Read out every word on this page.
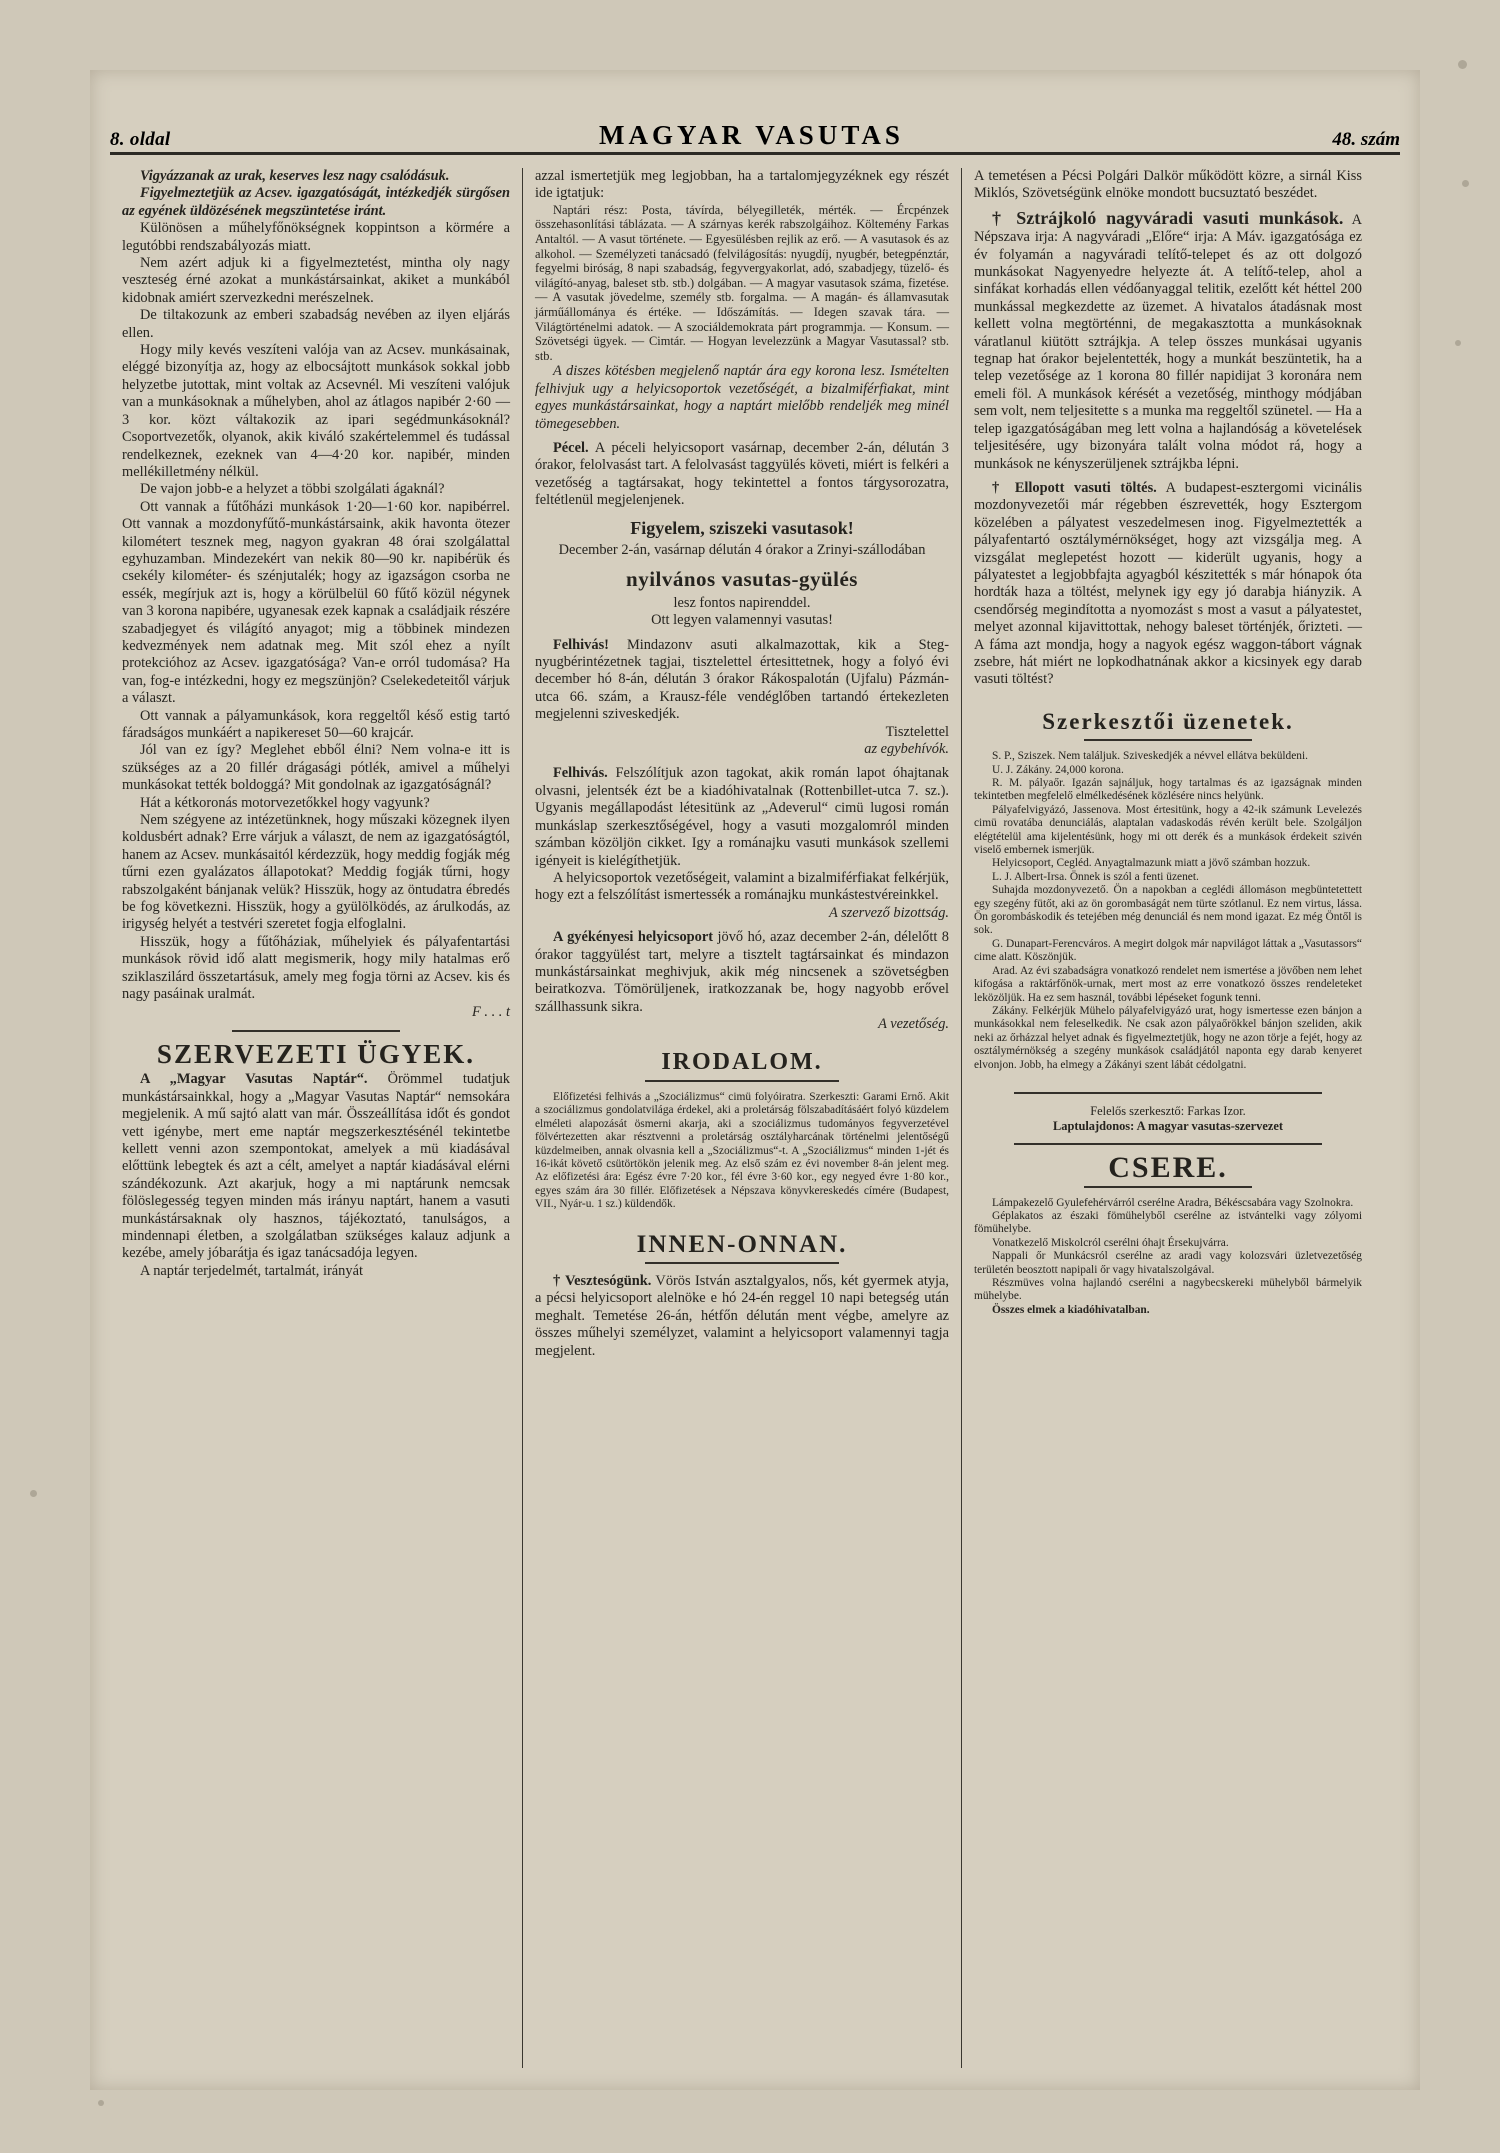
8. oldal	MAGYAR VASUTAS	48. szám

Vigyázzanak az urak, keserves lesz nagy csalódásuk.

Figyelmeztetjük az Acsev. igazgatóságát, intézkedjék sürgősen az egyének üldözésének megszüntetése iránt.

Különösen a műhelyfőnökségnek koppintson a körmére a legutóbbi rendszabályozás miatt.

Nem azért adjuk ki a figyelmeztetést, mintha oly nagy veszteség érné azokat a munkástársainkat, akiket a munkából kidobnak amiért szervezkedni merészelnek.

De tiltakozunk az emberi szabadság nevében az ilyen eljárás ellen.

Hogy mily kevés veszíteni valója van az Acsev. munkásainak, eléggé bizonyítja az, hogy az elbocsájtott munkások sokkal jobb helyzetbe jutottak, mint voltak az Acsevnél. Mi veszíteni valójuk van a munkásoknak a műhelyben, ahol az átlagos napibér 2·60 — 3 kor. közt váltakozik az ipari segédmunkásoknál? Csoportvezetők, olyanok, akik kiváló szakértelemmel és tudással rendelkeznek, ezeknek van 4—4·20 kor. napibér, minden mellékilletmény nélkül.

De vajon jobb-e a helyzet a többi szolgálati ágaknál?

Ott vannak a fűtőházi munkások 1·20—1·60 kor. napibérrel. Ott vannak a mozdonyfűtő-munkástársaink, akik havonta ötezer kilométert tesznek meg, nagyon gyakran 48 órai szolgálattal egyhuzamban. Mindezekért van nekik 80—90 kr. napibérük és csekély kilométer- és szénjutalék; hogy az igazságon csorba ne essék, megírjuk azt is, hogy a körülbelül 60 fűtő közül négynek van 3 korona napibére, ugyanesak ezek kapnak a családjaik részére szabadjegyet és világító anyagot; mig a többinek mindezen kedvezmények nem adatnak meg. Mit szól ehez a nyílt protekcióhoz az Acsev. igazgatósága? Van-e orról tudomása? Ha van, fog-e intézkedni, hogy ez megszünjön? Cselekedeteitől várjuk a választ.

Ott vannak a pályamunkások, kora reggeltől késő estig tartó fáradságos munkáért a napikereset 50—60 krajcár.

Jól van ez így? Meglehet ebből élni? Nem volna-e itt is szükséges az a 20 fillér drágasági pótlék, amivel a műhelyi munkásokat tették boldoggá? Mit gondolnak az igazgatóságnál?

Hát a kétkoronás motorvezetőkkel hogy vagyunk?

Nem szégyene az intézetünknek, hogy műszaki közegnek ilyen koldusbért adnak? Erre várjuk a választ, de nem az igazgatóságtól, hanem az Acsev. munkásaitól kérdezzük, hogy meddig fogják még tűrni ezen gyalázatos állapotokat? Meddig fogják tűrni, hogy rabszolgaként bánjanak velük? Hisszük, hogy az öntudatra ébredés be fog következni. Hisszük, hogy a gyülölködés, az árulkodás, az irigység helyét a testvéri szeretet fogja elfoglalni.

Hisszük, hogy a fűtőháziak, műhelyiek és pályafentartási munkások rövid idő alatt megismerik, hogy mily hatalmas erő sziklaszilárd összetartásuk, amely meg fogja törni az Acsev. kis és nagy pasáinak uralmát.

F . . . t

SZERVEZETI ÜGYEK.

A „Magyar Vasutas Naptár“. Örömmel tudatjuk munkástársainkkal, hogy a „Magyar Vasutas Naptár“ nemsokára megjelenik. A mű sajtó alatt van már. Összeállítása időt és gondot vett igénybe, mert eme naptár megszerkesztésénél tekintetbe kellett venni azon szempontokat, amelyek a mü kiadásával előttünk lebegtek és azt a célt, amelyet a naptár kiadásával elérni szándékozunk. Azt akarjuk, hogy a mi naptárunk nemcsak fölöslegesség tegyen minden más irányu naptárt, hanem a vasuti munkástársaknak oly hasznos, tájékoztató, tanulságos, a mindennapi életben, a szolgálatban szükséges kalauz adjunk a kezébe, amely jóbarátja és igaz tanácsadója legyen.

A naptár terjedelmét, tartalmát, irányát

azzal ismertetjük meg legjobban, ha a tartalomjegyzéknek egy részét ide igtatjuk:

Naptári rész: Posta, távírda, bélyegilleték, mérték. — Ércpénzek összehasonlítási táblázata. — A szárnyas kerék rabszolgáihoz. Költemény Farkas Antaltól. — A vasut története. — Egyesülésben rejlik az erő. — A vasutasok és az alkohol. — Személyzeti tanácsadó (felvilágosítás: nyugdíj, nyugbér, betegpénztár, fegyelmi biróság, 8 napi szabadság, fegyvergyakorlat, adó, szabadjegy, tüzelő- és világító-anyag, baleset stb. stb.) dolgában. — A magyar vasutasok száma, fizetése. — A vasutak jövedelme, személy stb. forgalma. — A magán- és államvasutak járműállománya és értéke. — Időszámítás. — Idegen szavak tára. — Világtörténelmi adatok. — A szociáldemokrata párt programmja. — Konsum. — Szövetségi ügyek. — Cimtár. — Hogyan levelezzünk a Magyar Vasutassal? stb. stb.

A diszes kötésben megjelenő naptár ára egy korona lesz. Ismételten felhivjuk ugy a helyicsoportok vezetőségét, a bizalmiférfiakat, mint egyes munkástársainkat, hogy a naptárt mielőbb rendeljék meg minél tömegesebben.

Pécel. A péceli helyicsoport vasárnap, december 2-án, délután 3 órakor, felolvasást tart. A felolvasást taggyülés követi, miért is felkéri a vezetőség a tagtársakat, hogy tekintettel a fontos tárgysorozatra, feltétlenül megjelenjenek.

Figyelem, sziszeki vasutasok!

December 2-án, vasárnap délután 4 órakor a Zrinyi-szállodában

nyilvános vasutas-gyülés

lesz fontos napirenddel.

Ott legyen valamennyi vasutas!

Felhivás! Mindazonv asuti alkalmazottak, kik a Steg-nyugbérintézetnek tagjai, tisztelettel értesittetnek, hogy a folyó évi december hó 8-án, délután 3 órakor Rákospalotán (Ujfalu) Pázmán-utca 66. szám, a Krausz-féle vendéglőben tartandó értekezleten megjelenni sziveskedjék.

Tisztelettel

az egybehívók.

Felhivás. Felszólítjuk azon tagokat, akik román lapot óhajtanak olvasni, jelentsék ézt be a kiadóhivatalnak (Rottenbillet-utca 7. sz.). Ugyanis megállapodást létesitünk az „Adeverul“ cimü lugosi román munkáslap szerkesztőségével, hogy a vasuti mozgalomról minden számban közöljön cikket. Igy a románajku vasuti munkások szellemi igényeit is kielégíthetjük.

A helyicsoportok vezetőségeit, valamint a bizalmiférfiakat felkérjük, hogy ezt a felszólítást ismertessék a románajku munkástestvéreinkkel.

A szervező bizottság.

A gyékényesi helyicsoport jövő hó, azaz december 2-án, délelőtt 8 órakor taggyülést tart, melyre a tisztelt tagtársainkat és mindazon munkástársainkat meghivjuk, akik még nincsenek a szövetségben beiratkozva. Tömörüljenek, iratkozzanak be, hogy nagyobb erővel szállhassunk sikra.

A vezetőség.

IRODALOM.

Előfizetési felhivás a „Szociálizmus“ cimü folyóiratra. Szerkeszti: Garami Ernő. Akit a szociálizmus gondolatvilága érdekel, aki a proletárság fölszabadításáért folyó küzdelem elméleti alapozását ösmerni akarja, aki a szociálizmus tudományos fegyverzetével fölvértezetten akar résztvenni a proletárság osztályharcának történelmi jelentőségű küzdelmeiben, annak olvasnia kell a „Szociálizmus“-t. A „Szociálizmus“ minden 1-jét és 16-ikát követő csütörtökön jelenik meg. Az első szám ez évi november 8-án jelent meg. Az előfizetési ára: Egész évre 7·20 kor., fél évre 3·60 kor., egy negyed évre 1·80 kor., egyes szám ára 30 fillér. Előfizetések a Népszava könyvkereskedés címére (Budapest, VII., Nyár-u. 1 sz.) küldendők.

INNEN-ONNAN.

† Vesztesógünk. Vörös István asztalgyalos, nős, két gyermek atyja, a pécsi helyicsoport alelnöke e hó 24-én reggel 10 napi betegség után meghalt. Temetése 26-án, hétfőn délután ment végbe, amelyre az összes műhelyi személyzet, valamint a helyicsoport valamennyi tagja megjelent.

A temetésen a Pécsi Polgári Dalkör működött közre, a sirnál Kiss Miklós, Szövetségünk elnöke mondott bucsuztató beszédet.

† Sztrájkoló nagyváradi vasuti munkások. A Népszava irja: A nagyváradi „Előre“ irja: A Máv. igazgatósága ez év folyamán a nagyváradi telítő-telepet és az ott dolgozó munkásokat Nagyenyedre helyezte át. A telítő-telep, ahol a sinfákat korhadás ellen védőanyaggal telitik, ezelőtt két héttel 200 munkással megkezdette az üzemet. A hivatalos átadásnak most kellett volna megtörténni, de megakasztotta a munkásoknak váratlanul kiütött sztrájkja. A telep összes munkásai ugyanis tegnap hat órakor bejelentették, hogy a munkát beszüntetik, ha a telep vezetősége az 1 korona 80 fillér napidijat 3 koronára nem emeli föl. A munkások kérését a vezetőség, minthogy módjában sem volt, nem teljesitette s a munka ma reggeltől szünetel. — Ha a telep igazgatóságában meg lett volna a hajlandóság a követelések teljesitésére, ugy bizonyára talált volna módot rá, hogy a munkások ne kényszerüljenek sztrájkba lépni.

† Ellopott vasuti töltés. A budapest-esztergomi vicinális mozdonyvezetői már régebben észrevették, hogy Esztergom közelében a pályatest veszedelmesen inog. Figyelmeztették a pályafentartó osztálymérnökséget, hogy azt vizsgálja meg. A vizsgálat meglepetést hozott — kiderült ugyanis, hogy a pályatestet a legjobbfajta agyagból készitették s már hónapok óta hordták haza a töltést, melynek igy egy jó darabja hiányzik. A csendőrség megindította a nyomozást s most a vasut a pályatestet, melyet azonnal kijavittottak, nehogy baleset történjék, őrizteti. — A fáma azt mondja, hogy a nagyok egész waggon-tábort vágnak zsebre, hát miért ne lopkodhatnának akkor a kicsinyek egy darab vasuti töltést?

Szerkesztői üzenetek.

S. P., Sziszek. Nem találjuk. Sziveskedjék a névvel ellátva beküldeni.

U. J. Zákány. 24,000 korona.

R. M. pályaőr. Igazán sajnáljuk, hogy tartalmas és az igazságnak minden tekintetben megfelelő elmélkedésének közlésére nincs helyünk.

Pályafelvigyázó, Jassenova. Most értesitünk, hogy a 42-ik számunk Levelezés cimü rovatába denunciálás, alaptalan vadaskodás révén került bele. Szolgáljon elégtételül ama kijelentésünk, hogy mi ott derék és a munkások érdekeit szivén viselő embernek ismerjük.

Helyicsoport, Cegléd. Anyagtalmazunk miatt a jövő számban hozzuk.

L. J. Albert-Irsa. Önnek is szól a fenti üzenet.

Suhajda mozdonyvezető. Ön a napokban a ceglédi állomáson megbüntetettett egy szegény fütőt, aki az ön gorombaságát nem türte szótlanul. Ez nem virtus, lássa. Ön gorombáskodik és tetejében még denunciál és nem mond igazat. Ez még Öntől is sok.

G. Dunapart-Ferencváros. A megirt dolgok már napvilágot láttak a „Vasutassors“ cime alatt. Köszönjük.

Arad. Az évi szabadságra vonatkozó rendelet nem ismertése a jövőben nem lehet kifogása a raktárfőnök-urnak, mert most az erre vonatkozó összes rendeleteket leközöljük. Ha ez sem használ, további lépéseket fogunk tenni.

Zákány. Felkérjük Mühelo pályafelvigyázó urat, hogy ismertesse ezen bánjon a munkásokkal nem feleselkedik. Ne csak azon pályaőrökkel bánjon szeliden, akik neki az őrházzal helyet adnak és figyelmeztetjük, hogy ne azon törje a fejét, hogy az osztálymérnökség a szegény munkások családjától naponta egy darab kenyeret elvonjon. Jobb, ha elmegy a Zákányi szent lábát cédolgatni.

Felelős szerkesztő: Farkas Izor.

Laptulajdonos: A magyar vasutas-szervezet

CSERE.

Lámpakezelő Gyulefehérvárról cserélne Aradra, Békéscsabára vagy Szolnokra.

Géplakatos az északi fömühelyből cserélne az istvántelki vagy zólyomi fömühelybe.

Vonatkezelő Miskolcról cserélni óhajt Érsekujvárra.

Nappali őr Munkácsról cserélne az aradi vagy kolozsvári üzletvezetőség területén beosztott napipali őr vagy hivatalszolgával.

Részmüves volna hajlandó cserélni a nagybecskereki mühelyből bármelyik mühelybe.

Összes elmek a kiadóhivatalban.
